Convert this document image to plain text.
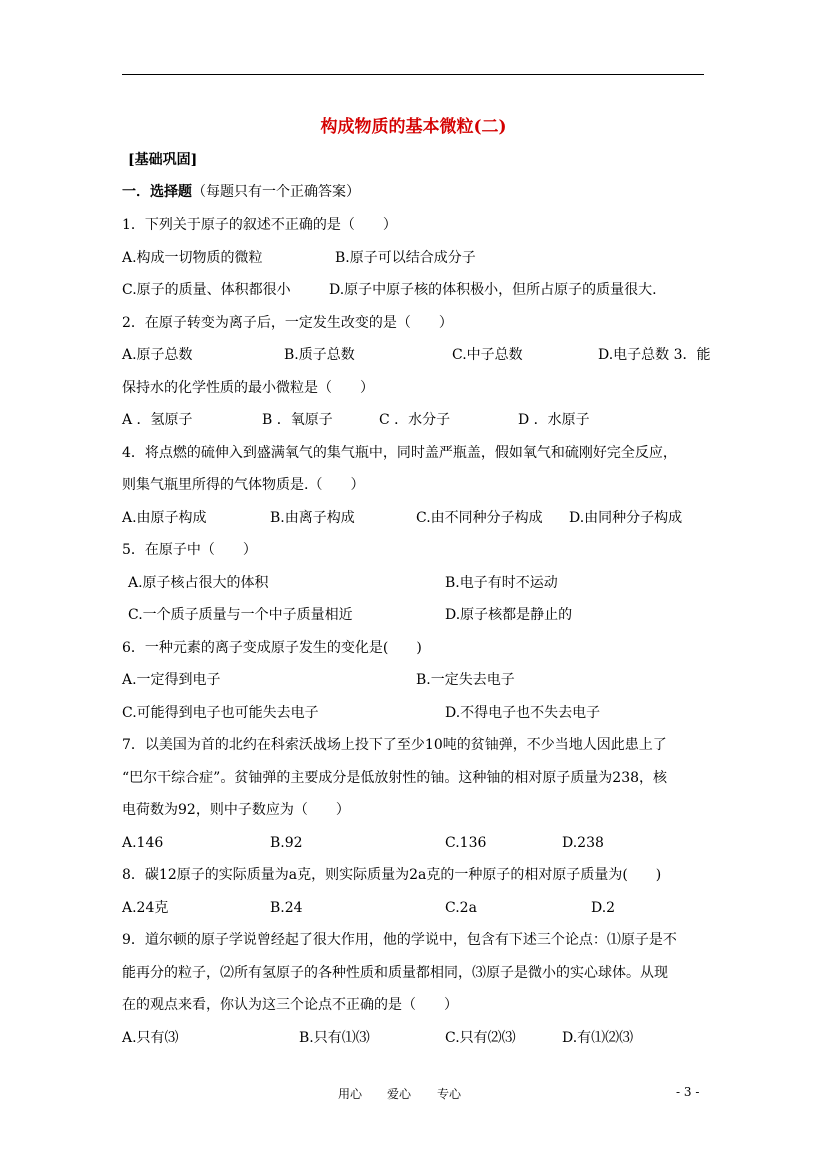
构成物质的基本微粒(二)
[基础巩固]
一．选择题（每题只有一个正确答案）
1．下列关于原子的叙述不正确的是（　　）
A.构成一切物质的微粒	B.原子可以结合成分子
C.原子的质量、体积都很小	D.原子中原子核的体积极小，但所占原子的质量很大.
2．在原子转变为离子后，一定发生改变的是（　　）
A.原子总数	B.质子总数	C.中子总数	D.电子总数 3．能
保持水的化学性质的最小微粒是（　　）
A ．氢原子	B ．氧原子	C ．水分子	D ．水原子
4．将点燃的硫伸入到盛满氧气的集气瓶中，同时盖严瓶盖，假如氧气和硫刚好完全反应，
则集气瓶里所得的气体物质是.（　　）
A.由原子构成	B.由离子构成	C.由不同种分子构成 D.由同种分子构成
5．在原子中（　　）
A.原子核占很大的体积	B.电子有时不运动
C.一个质子质量与一个中子质量相近	D.原子核都是静止的
6．一种元素的离子变成原子发生的变化是(　　)
A.一定得到电子	B.一定失去电子
C.可能得到电子也可能失去电子	D.不得电子也不失去电子
7．以美国为首的北约在科索沃战场上投下了至少10吨的贫铀弹，不少当地人因此患上了
“巴尔干综合症”。贫铀弹的主要成分是低放射性的铀。这种铀的相对原子质量为238，核
电荷数为92，则中子数应为（　　）
A.146	B.92	C.136	D.238
8．碳12原子的实际质量为a克，则实际质量为2a克的一种原子的相对原子质量为(　　)
A.24克	B.24	C.2a	D.2
9．道尔顿的原子学说曾经起了很大作用，他的学说中，包含有下述三个论点：⑴原子是不
能再分的粒子，⑵所有氢原子的各种性质和质量都相同，⑶原子是微小的实心球体。从现
在的观点来看，你认为这三个论点不正确的是（　　）
A.只有⑶	B.只有⑴⑶	C.只有⑵⑶	D.有⑴⑵⑶
用心 爱心 专心	- 3 -
